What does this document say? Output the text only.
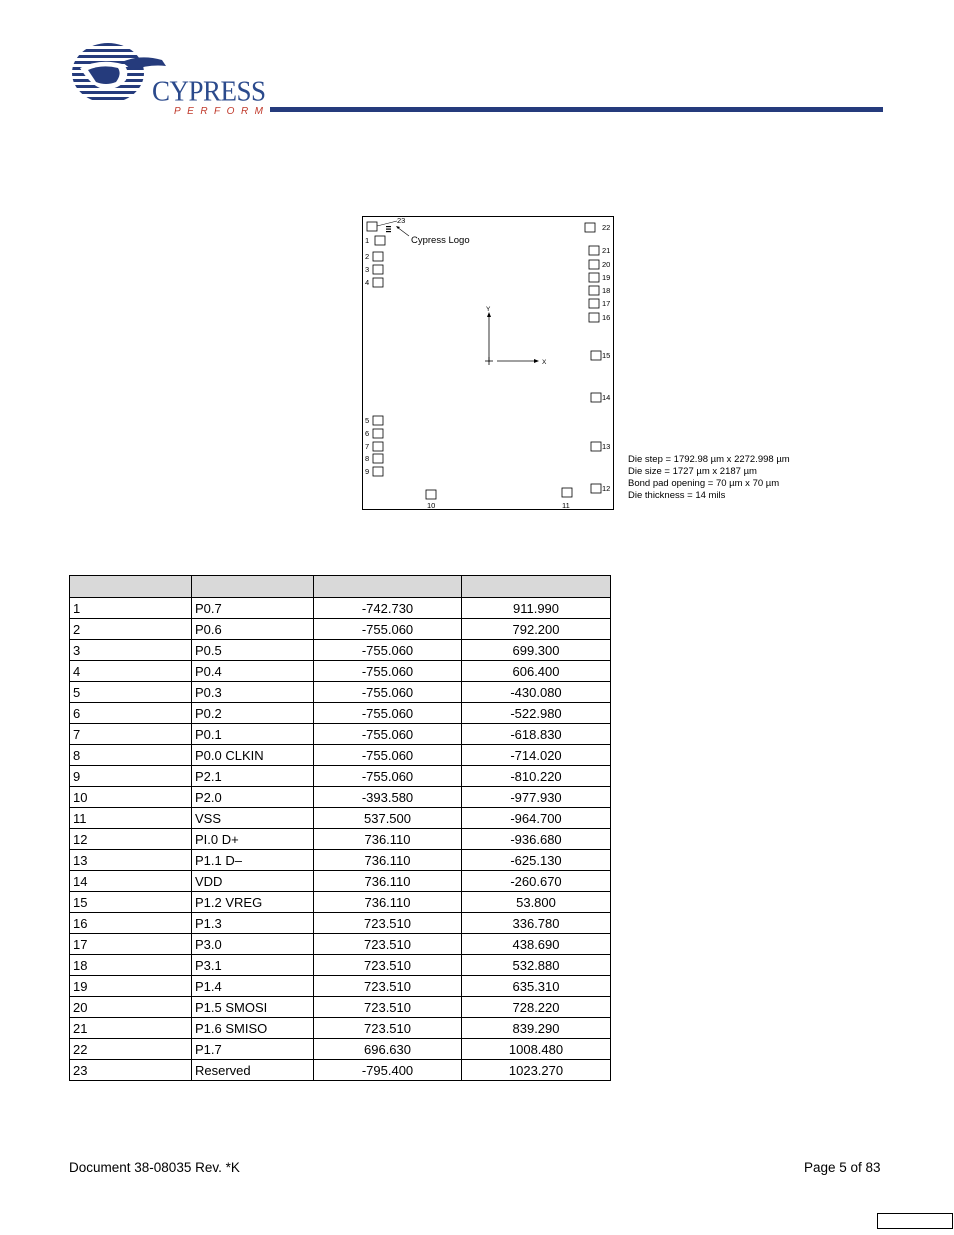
CYPRESS
PERFORM
23
1
2
3
4
5
6
7
8
9
10	11
22
21
20
19
18
17
16
15
14
13
12
Cypress Logo
Y
X
Die step = 1792.98 µm x 2272.998 µm
Die size = 1727 µm x 2187 µm
Bond pad opening = 70 µm x 70 µm
Die thickness = 14 mils

1	P0.7	-742.730	911.990
2	P0.6	-755.060	792.200
3	P0.5	-755.060	699.300
4	P0.4	-755.060	606.400
5	P0.3	-755.060	-430.080
6	P0.2	-755.060	-522.980
7	P0.1	-755.060	-618.830
8	P0.0 CLKIN	-755.060	-714.020
9	P2.1	-755.060	-810.220
10	P2.0	-393.580	-977.930
11	VSS	537.500	-964.700
12	PI.0 D+	736.110	-936.680
13	P1.1 D–	736.110	-625.130
14	VDD	736.110	-260.670
15	P1.2 VREG	736.110	53.800
16	P1.3	723.510	336.780
17	P3.0	723.510	438.690
18	P3.1	723.510	532.880
19	P1.4	723.510	635.310
20	P1.5 SMOSI	723.510	728.220
21	P1.6 SMISO	723.510	839.290
22	P1.7	696.630	1008.480
23	Reserved	-795.400	1023.270
Document 38-08035 Rev. *K	Page 5 of 83
